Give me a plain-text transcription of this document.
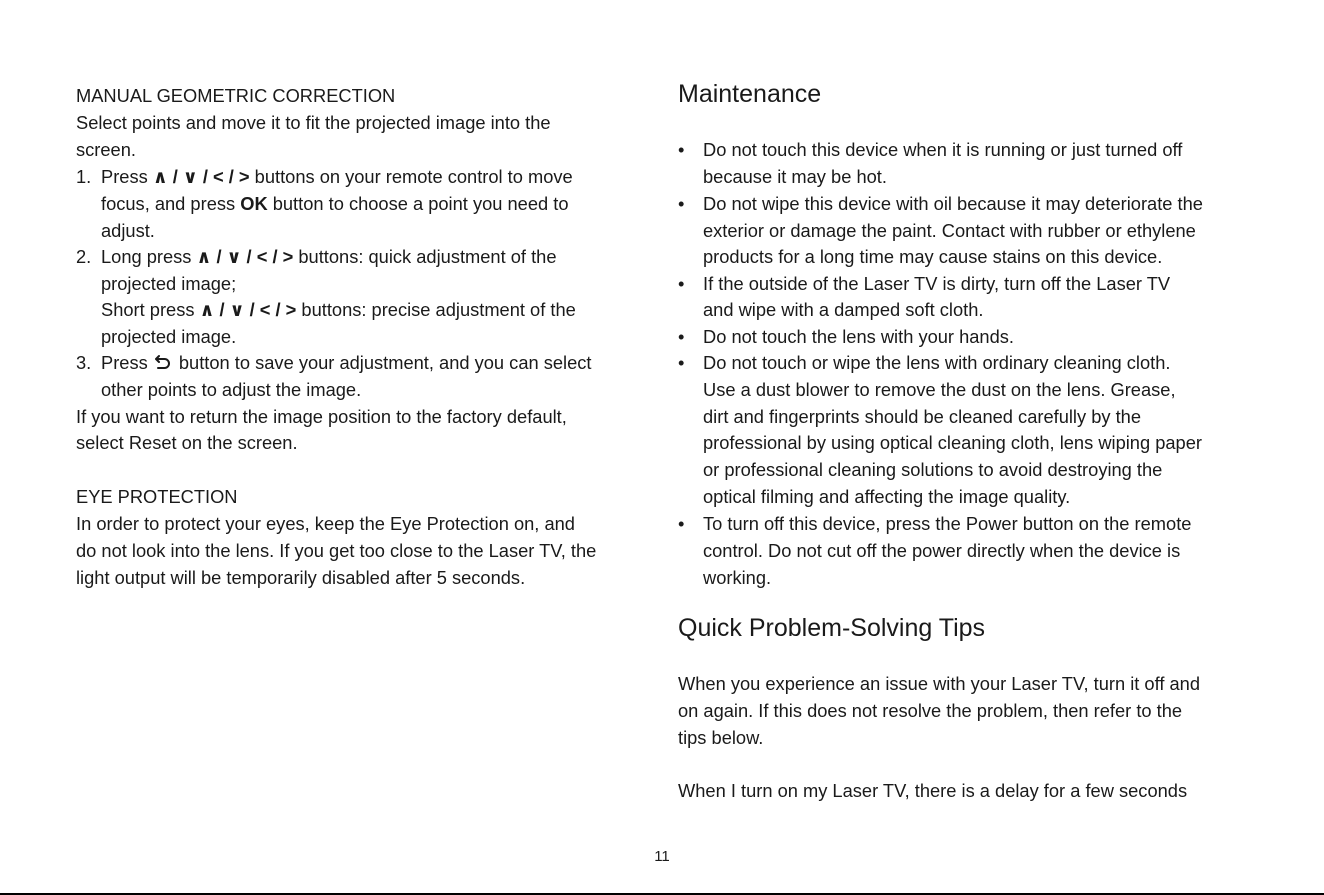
MANUAL GEOMETRIC CORRECTION
Select points and move it to fit the projected image into the
screen.
1. Press ∧ / ∨ / < / > buttons on your remote control to move
focus, and press OK button to choose a point you need to
adjust.
2. Long press ∧ / ∨ / < / > buttons: quick adjustment of the
projected image;
Short press ∧ / ∨ / < / > buttons: precise adjustment of the
projected image.
3. Press  button to save your adjustment, and you can select
other points to adjust the image.
If you want to return the image position to the factory default,
select Reset on the screen.
EYE PROTECTION
In order to protect your eyes, keep the Eye Protection on, and
do not look into the lens. If you get too close to the Laser TV, the
light output will be temporarily disabled after 5 seconds.
Maintenance
• Do not touch this device when it is running or just turned off
because it may be hot.
• Do not wipe this device with oil because it may deteriorate the
exterior or damage the paint. Contact with rubber or ethylene
products for a long time may cause stains on this device.
• If the outside of the Laser TV is dirty, turn off the Laser TV
and wipe with a damped soft cloth.
• Do not touch the lens with your hands.
• Do not touch or wipe the lens with ordinary cleaning cloth.
Use a dust blower to remove the dust on the lens. Grease,
dirt and fingerprints should be cleaned carefully by the
professional by using optical cleaning cloth, lens wiping paper
or professional cleaning solutions to avoid destroying the
optical filming and affecting the image quality.
• To turn off this device, press the Power button on the remote
control. Do not cut off the power directly when the device is
working.
Quick Problem-Solving Tips
When you experience an issue with your Laser TV, turn it off and
on again. If this does not resolve the problem, then refer to the
tips below.
When I turn on my Laser TV, there is a delay for a few seconds
11
